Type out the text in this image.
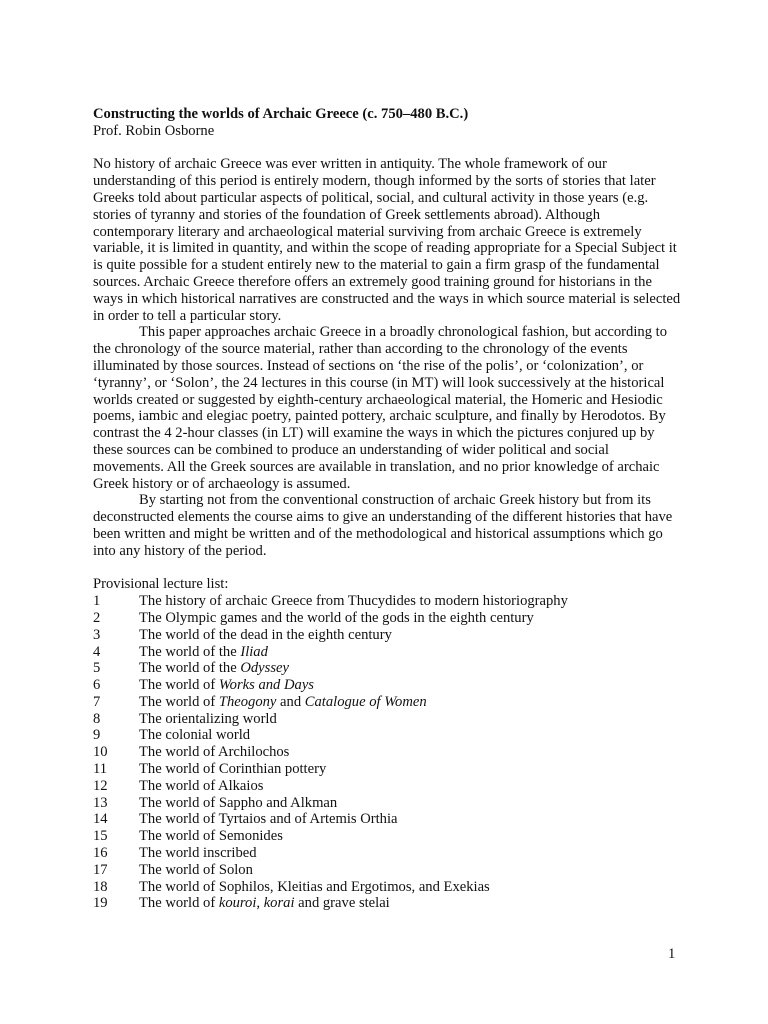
Constructing the worlds of Archaic Greece (c. 750–480 B.C.)

Prof. Robin Osborne

No history of archaic Greece was ever written in antiquity. The whole framework of our understanding of this period is entirely modern, though informed by the sorts of stories that later Greeks told about particular aspects of political, social, and cultural activity in those years (e.g. stories of tyranny and stories of the foundation of Greek settlements abroad). Although contemporary literary and archaeological material surviving from archaic Greece is extremely variable, it is limited in quantity, and within the scope of reading appropriate for a Special Subject it is quite possible for a student entirely new to the material to gain a firm grasp of the fundamental sources. Archaic Greece therefore offers an extremely good training ground for historians in the ways in which historical narratives are constructed and the ways in which source material is selected in order to tell a particular story.

This paper approaches archaic Greece in a broadly chronological fashion, but according to the chronology of the source material, rather than according to the chronology of the events illuminated by those sources. Instead of sections on ‘the rise of the polis’, or ‘colonization’, or ‘tyranny’, or ‘Solon’, the 24 lectures in this course (in MT) will look successively at the historical worlds created or suggested by eighth-century archaeological material, the Homeric and Hesiodic poems, iambic and elegiac poetry, painted pottery, archaic sculpture, and finally by Herodotos. By contrast the 4 2-hour classes (in LT) will examine the ways in which the pictures conjured up by these sources can be combined to produce an understanding of wider political and social movements. All the Greek sources are available in translation, and no prior knowledge of archaic Greek history or of archaeology is assumed.

By starting not from the conventional construction of archaic Greek history but from its deconstructed elements the course aims to give an understanding of the different histories that have been written and might be written and of the methodological and historical assumptions which go into any history of the period.

Provisional lecture list:

1	The history of archaic Greece from Thucydides to modern historiography
2	The Olympic games and the world of the gods in the eighth century
3	The world of the dead in the eighth century
4	The world of the Iliad
5	The world of the Odyssey
6	The world of Works and Days
7	The world of Theogony and Catalogue of Women
8	The orientalizing world
9	The colonial world
10	The world of Archilochos
11	The world of Corinthian pottery
12	The world of Alkaios
13	The world of Sappho and Alkman
14	The world of Tyrtaios and of Artemis Orthia
15	The world of Semonides
16	The world inscribed
17	The world of Solon
18	The world of Sophilos, Kleitias and Ergotimos, and Exekias
19	The world of kouroi, korai and grave stelai
1
